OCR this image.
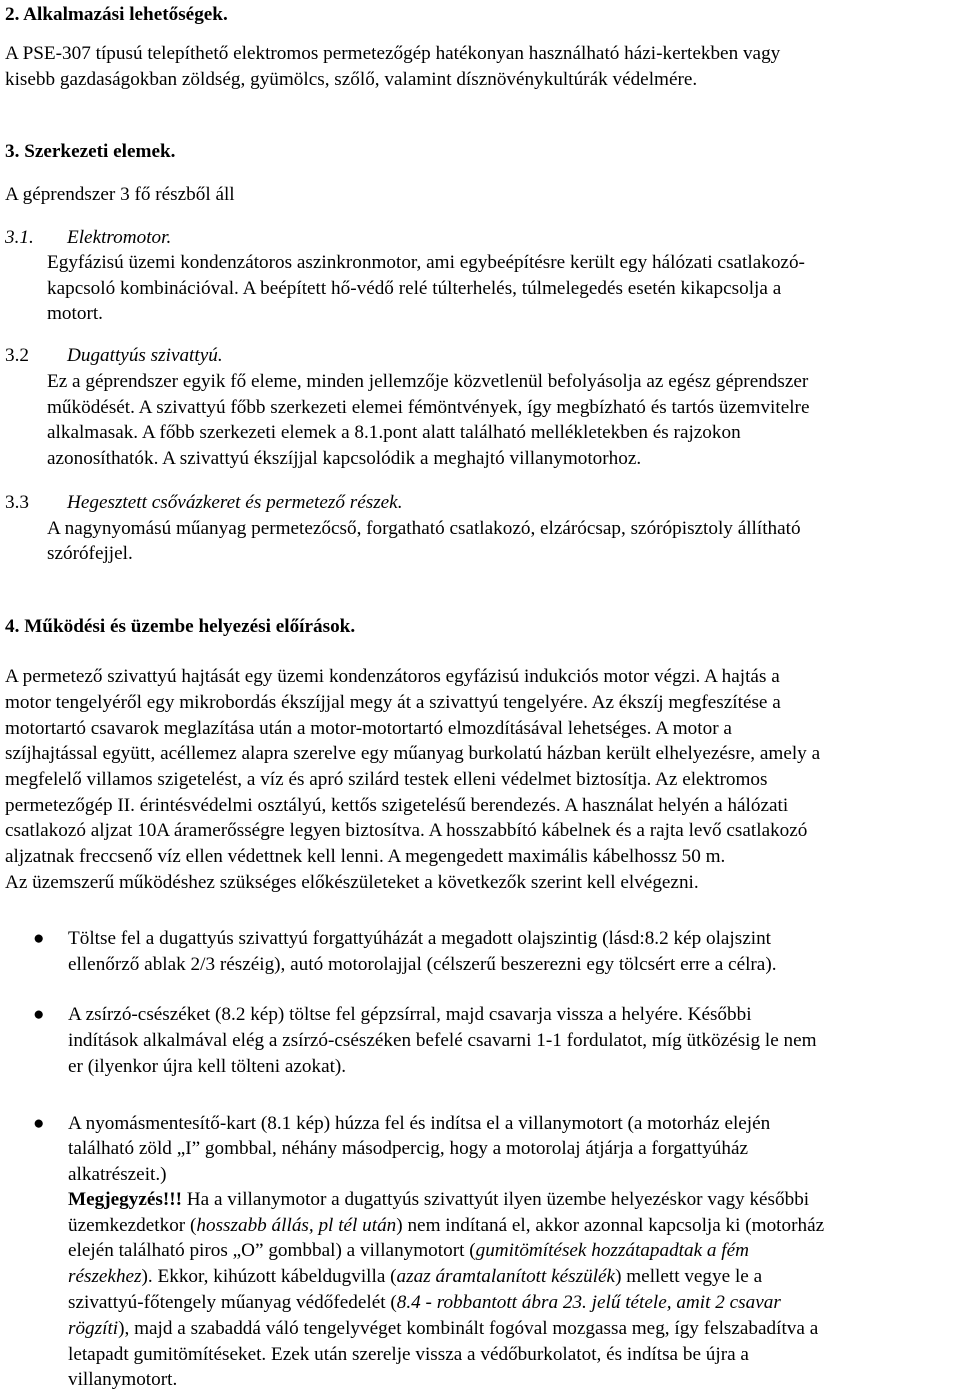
2. Alkalmazási lehetőségek.
A PSE-307 típusú telepíthető elektromos permetezőgép hatékonyan használható házi-kertekben vagy
kisebb gazdaságokban zöldség, gyümölcs, szőlő, valamint dísznövénykultúrák védelmére.
3. Szerkezeti elemek.
A géprendszer 3 fő részből áll
3.1. Elektromotor.
Egyfázisú üzemi kondenzátoros aszinkronmotor, ami egybeépítésre került egy hálózati csatlakozó-
kapcsoló kombinációval. A beépített hő-védő relé túlterhelés, túlmelegedés esetén kikapcsolja a
motort.
3.2 Dugattyús szivattyú.
Ez a géprendszer egyik fő eleme, minden jellemzője közvetlenül befolyásolja az egész géprendszer
működését. A szivattyú főbb szerkezeti elemei fémöntvények, így megbízható és tartós üzemvitelre
alkalmasak. A főbb szerkezeti elemek a 8.1.pont alatt található mellékletekben és rajzokon
azonosíthatók. A szivattyú ékszíjjal kapcsolódik a meghajtó villanymotorhoz.
3.3 Hegesztett csővázkeret és permetező részek.
A nagynyomású műanyag permetezőcső, forgatható csatlakozó, elzárócsap, szórópisztoly állítható
szórófejjel.
4. Működési és üzembe helyezési előírások.
A permetező szivattyú hajtását egy üzemi kondenzátoros egyfázisú indukciós motor végzi. A hajtás a
motor tengelyéről egy mikrobordás ékszíjjal megy át a szivattyú tengelyére. Az ékszíj megfeszítése a
motortartó csavarok meglazítása után a motor-motortartó elmozdításával lehetséges. A motor a
szíjhajtással együtt, acéllemez alapra szerelve egy műanyag burkolatú házban került elhelyezésre, amely a
megfelelő villamos szigetelést, a víz és apró szilárd testek elleni védelmet biztosítja. Az elektromos
permetezőgép II. érintésvédelmi osztályú, kettős szigetelésű berendezés. A használat helyén a hálózati
csatlakozó aljzat 10A áramerősségre legyen biztosítva. A hosszabbító kábelnek és a rajta levő csatlakozó
aljzatnak freccsenő víz ellen védettnek kell lenni. A megengedett maximális kábelhossz 50 m.
Az üzemszerű működéshez szükséges előkészületeket a következők szerint kell elvégezni.
● Töltse fel a dugattyús szivattyú forgattyúházát a megadott olajszintig (lásd:8.2 kép olajszint
ellenőrző ablak 2/3 részéig), autó motorolajjal (célszerű beszerezni egy tölcsért erre a célra).
● A zsírzó-csészéket (8.2 kép) töltse fel gépzsírral, majd csavarja vissza a helyére. Későbbi
indítások alkalmával elég a zsírzó-csészéken befelé csavarni 1-1 fordulatot, míg ütközésig le nem
er (ilyenkor újra kell tölteni azokat).
● A nyomásmentesítő-kart (8.1 kép) húzza fel és indítsa el a villanymotort (a motorház elején
található zöld „I” gombbal, néhány másodpercig, hogy a motorolaj átjárja a forgattyúház
alkatrészeit.)
Megjegyzés!!! Ha a villanymotor a dugattyús szivattyút ilyen üzembe helyezéskor vagy későbbi
üzemkezdetkor (hosszabb állás, pl tél után) nem indítaná el, akkor azonnal kapcsolja ki (motorház
elején található piros „O” gombbal) a villanymotort (gumitömítések hozzátapadtak a fém
részekhez). Ekkor, kihúzott kábeldugvilla (azaz áramtalanított készülék) mellett vegye le a
szivattyú-főtengely műanyag védőfedelét (8.4 - robbantott ábra 23. jelű tétele, amit 2 csavar
rögzíti), majd a szabaddá váló tengelyvéget kombinált fogóval mozgassa meg, így felszabadítva a
letapadt gumitömítéseket. Ezek után szerelje vissza a védőburkolatot, és indítsa be újra a
villanymotort.
